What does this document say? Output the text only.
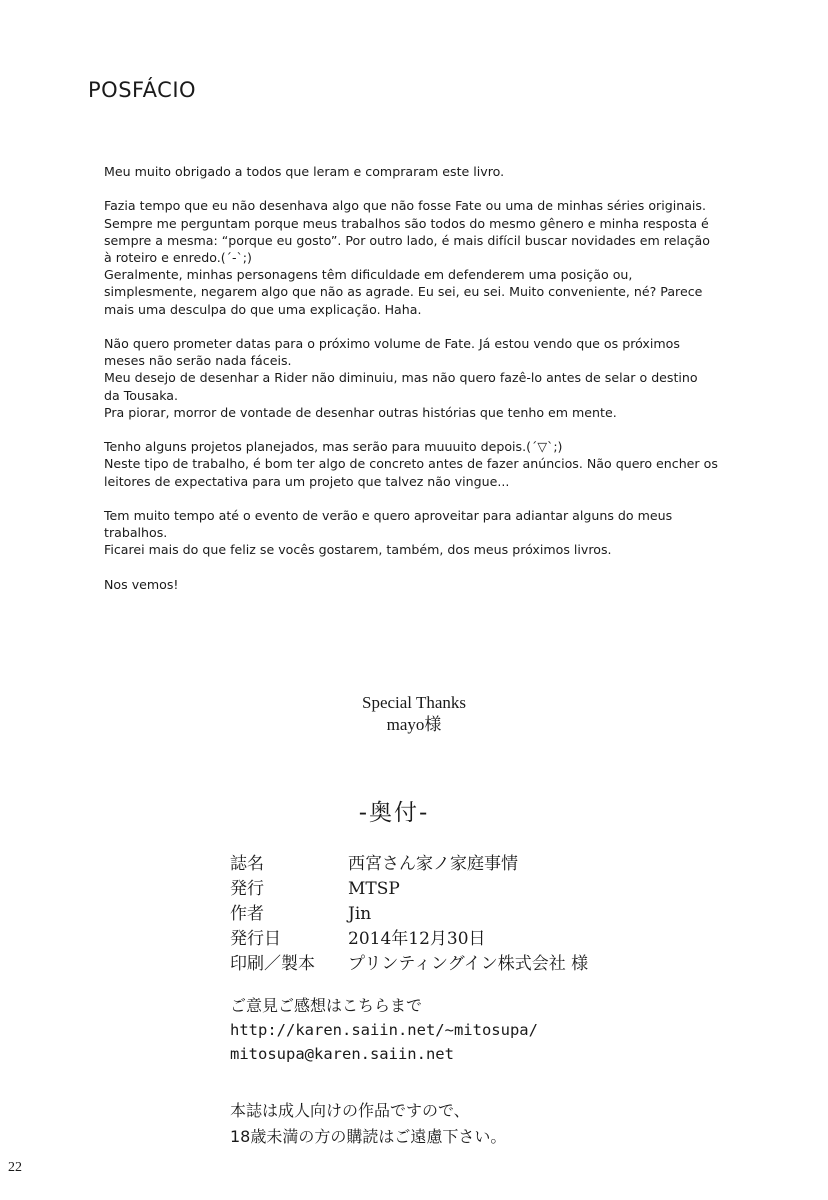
POSFÁCIO

Meu muito obrigado a todos que leram e compraram este livro.

Fazia tempo que eu não desenhava algo que não fosse Fate ou uma de minhas séries originais.
Sempre me perguntam porque meus trabalhos são todos do mesmo gênero e minha resposta é
sempre a mesma: “porque eu gosto”. Por outro lado, é mais difícil buscar novidades em relação
à roteiro e enredo.(´-`;)
Geralmente, minhas personagens têm dificuldade em defenderem uma posição ou,
simplesmente, negarem algo que não as agrade. Eu sei, eu sei. Muito conveniente, né? Parece
mais uma desculpa do que uma explicação. Haha.

Não quero prometer datas para o próximo volume de Fate. Já estou vendo que os próximos
meses não serão nada fáceis.
Meu desejo de desenhar a Rider não diminuiu, mas não quero fazê-lo antes de selar o destino
da Tousaka.
Pra piorar, morror de vontade de desenhar outras histórias que tenho em mente.

Tenho alguns projetos planejados, mas serão para muuuito depois.(´▽`;)
Neste tipo de trabalho, é bom ter algo de concreto antes de fazer anúncios. Não quero encher os
leitores de expectativa para um projeto que talvez não vingue...

Tem muito tempo até o evento de verão e quero aproveitar para adiantar alguns do meus
trabalhos.
Ficarei mais do que feliz se vocês gostarem, também, dos meus próximos livros.

Nos vemos!

Special Thanks
mayo様
-奥付-
誌名	西宮さん家ノ家庭事情
発行	MTSP
作者	Jin
発行日	2014年12月30日
印刷／製本	プリンティングイン株式会社 様
ご意見ご感想はこちらまで
http://karen.saiin.net/~mitosupa/
mitosupa@karen.saiin.net
本誌は成人向けの作品ですので、
18歳未満の方の購読はご遠慮下さい。
22
